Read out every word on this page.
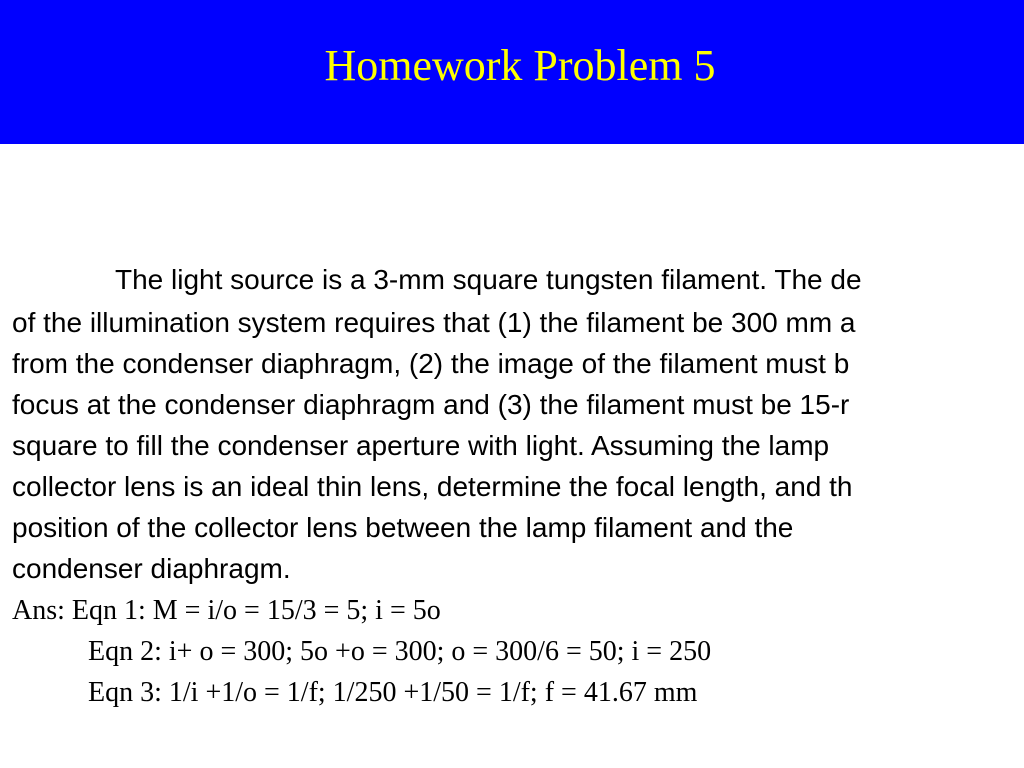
Homework Problem 5
The light source is a 3-mm square tungsten filament. The de
of the illumination system requires that (1) the filament be 300 mm a
from the condenser diaphragm, (2) the image of the filament must b
focus at the condenser diaphragm and (3) the filament must be 15-r
square to fill the condenser aperture with light. Assuming the lamp
collector lens is an ideal thin lens, determine the focal length, and th
position of the collector lens between the lamp filament and the
condenser diaphragm.
Ans: Eqn 1: M = i/o = 15/3 = 5; i = 5o
Eqn 2: i+ o = 300; 5o +o = 300; o = 300/6 = 50; i = 250
Eqn 3: 1/i +1/o = 1/f; 1/250 +1/50 = 1/f; f = 41.67 mm
